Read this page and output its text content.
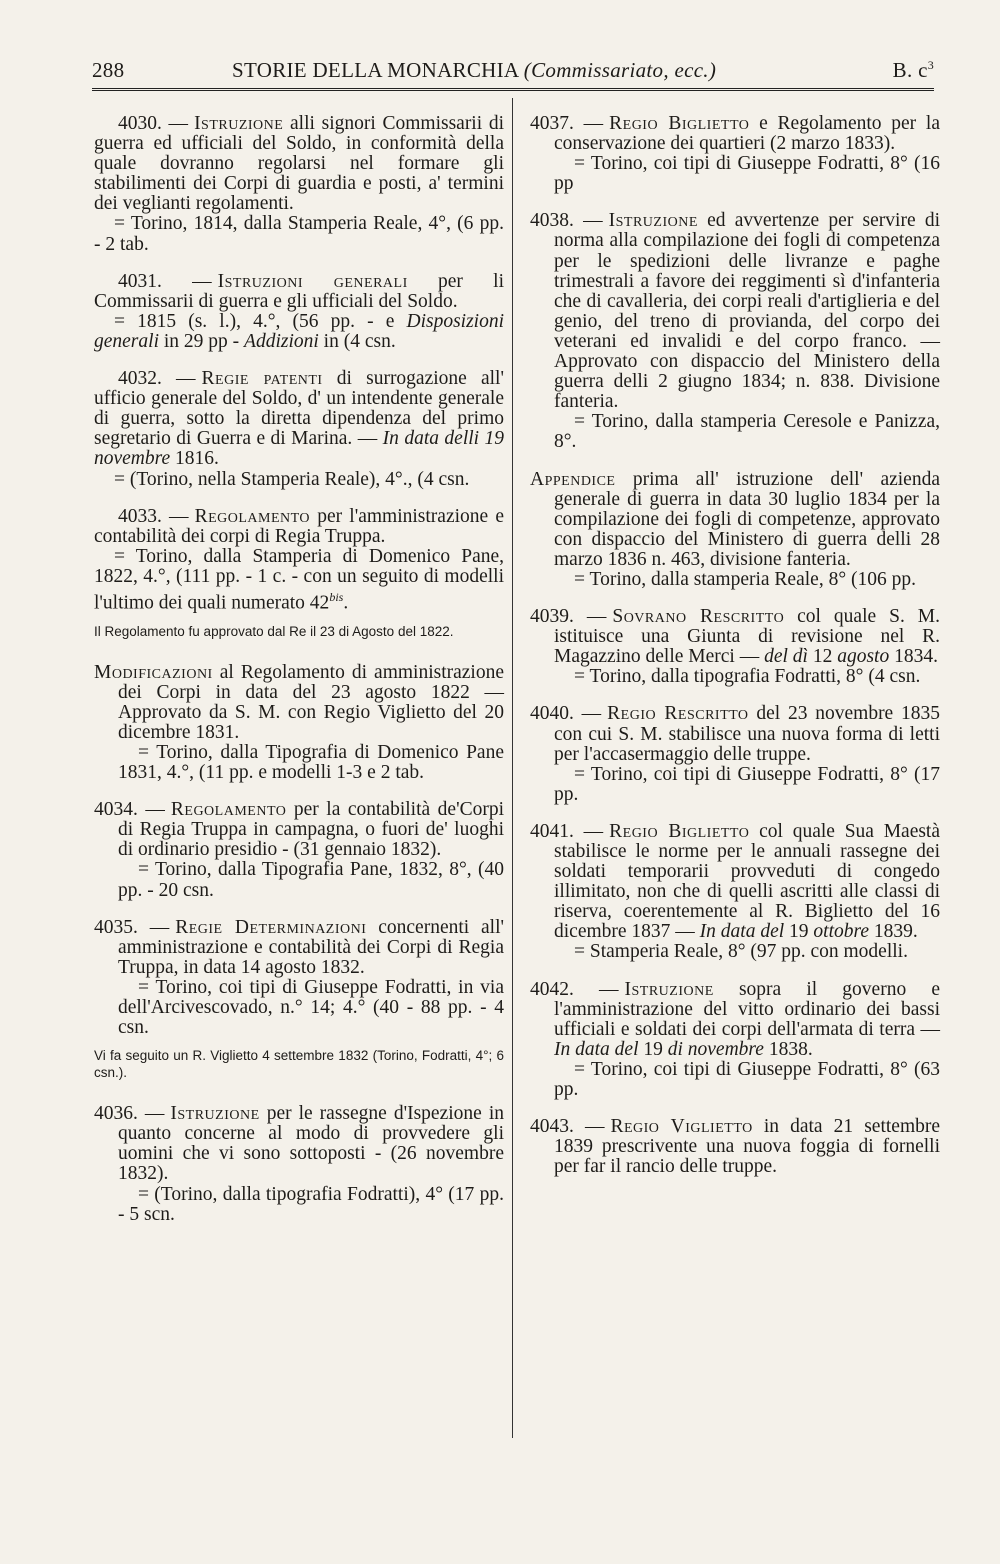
288	STORIE DELLA MONARCHIA (Commissariato, ecc.)	B. $c^3$
4030. — Istruzione alli signori Commissarii di guerra ed ufficiali del Soldo, in conformità della quale dovranno regolarsi nel formare gli stabilimenti dei Corpi di guardia e posti, a' termini dei veglianti regolamenti.
= Torino, 1814, dalla Stamperia Reale, 4°, (6 pp. - 2 tab.
4031. — Istruzioni generali per li Commissarii di guerra e gli ufficiali del Soldo.
= 1815 (s. l.), 4.°, (56 pp. - e Disposizioni generali in 29 pp - Addizioni in (4 csn.
4032. — Regie patenti di surrogazione all' ufficio generale del Soldo, d' un intendente generale di guerra, sotto la diretta dipendenza del primo segretario di Guerra e di Marina. — In data delli 19 novembre 1816.
= (Torino, nella Stamperia Reale), 4°., (4 csn.
4033. — Regolamento per l'amministrazione e contabilità dei corpi di Regia Truppa.
= Torino, dalla Stamperia di Domenico Pane, 1822, 4.°, (111 pp. - 1 c. - con un seguito di modelli l'ultimo dei quali numerato $42^{bis}$.
Il Regolamento fu approvato dal Re il 23 di Agosto del 1822.
Modificazioni al Regolamento di amministrazione dei Corpi in data del 23 agosto 1822 — Approvato da S. M. con Regio Viglietto del 20 dicembre 1831.
= Torino, dalla Tipografia di Domenico Pane 1831, 4.°, (11 pp. e modelli 1-3 e 2 tab.
4034. — Regolamento per la contabilità de'Corpi di Regia Truppa in campagna, o fuori de' luoghi di ordinario presidio - (31 gennaio 1832).
= Torino, dalla Tipografia Pane, 1832, 8°, (40 pp. - 20 csn.
4035. — Regie Determinazioni concernenti all' amministrazione e contabilità dei Corpi di Regia Truppa, in data 14 agosto 1832.
= Torino, coi tipi di Giuseppe Fodratti, in via dell'Arcivescovado, n.° 14; 4.° (40 - 88 pp. - 4 csn.
Vi fa seguito un R. Viglietto 4 settembre 1832 (Torino, Fodratti, 4°; 6 csn.).
4036. — Istruzione per le rassegne d'Ispezione in quanto concerne al modo di provvedere gli uomini che vi sono sottoposti - (26 novembre 1832).
= (Torino, dalla tipografia Fodratti), 4° (17 pp. - 5 scn.
4037. — Regio Biglietto e Regolamento per la conservazione dei quartieri (2 marzo 1833).
= Torino, coi tipi di Giuseppe Fodratti, 8° (16 pp
4038. — Istruzione ed avvertenze per servire di norma alla compilazione dei fogli di competenza per le spedizioni delle livranze e paghe trimestrali a favore dei reggimenti sì d'infanteria che di cavalleria, dei corpi reali d'artiglieria e del genio, del treno di provianda, del corpo dei veterani ed invalidi e del corpo franco. — Approvato con dispaccio del Ministero della guerra delli 2 giugno 1834; n. 838. Divisione fanteria.
= Torino, dalla stamperia Ceresole e Panizza, 8°.
Appendice prima all' istruzione dell' azienda generale di guerra in data 30 luglio 1834 per la compilazione dei fogli di competenze, approvato con dispaccio del Ministero di guerra delli 28 marzo 1836 n. 463, divisione fanteria.
= Torino, dalla stamperia Reale, 8° (106 pp.
4039. — Sovrano Rescritto col quale S. M. istituisce una Giunta di revisione nel R. Magazzino delle Merci — del dì 12 agosto 1834.
= Torino, dalla tipografia Fodratti, 8° (4 csn.
4040. — Regio Rescritto del 23 novembre 1835 con cui S. M. stabilisce una nuova forma di letti per l'accasermaggio delle truppe.
= Torino, coi tipi di Giuseppe Fodratti, 8° (17 pp.
4041. — Regio Biglietto col quale Sua Maestà stabilisce le norme per le annuali rassegne dei soldati temporarii provveduti di congedo illimitato, non che di quelli ascritti alle classi di riserva, coerentemente al R. Biglietto del 16 dicembre 1837 — In data del 19 ottobre 1839.
= Stamperia Reale, 8° (97 pp. con modelli.
4042. — Istruzione sopra il governo e l'amministrazione del vitto ordinario dei bassi ufficiali e soldati dei corpi dell'armata di terra — In data del 19 di novembre 1838.
= Torino, coi tipi di Giuseppe Fodratti, 8° (63 pp.
4043. — Regio Viglietto in data 21 settembre 1839 prescrivente una nuova foggia di fornelli per far il rancio delle truppe.
